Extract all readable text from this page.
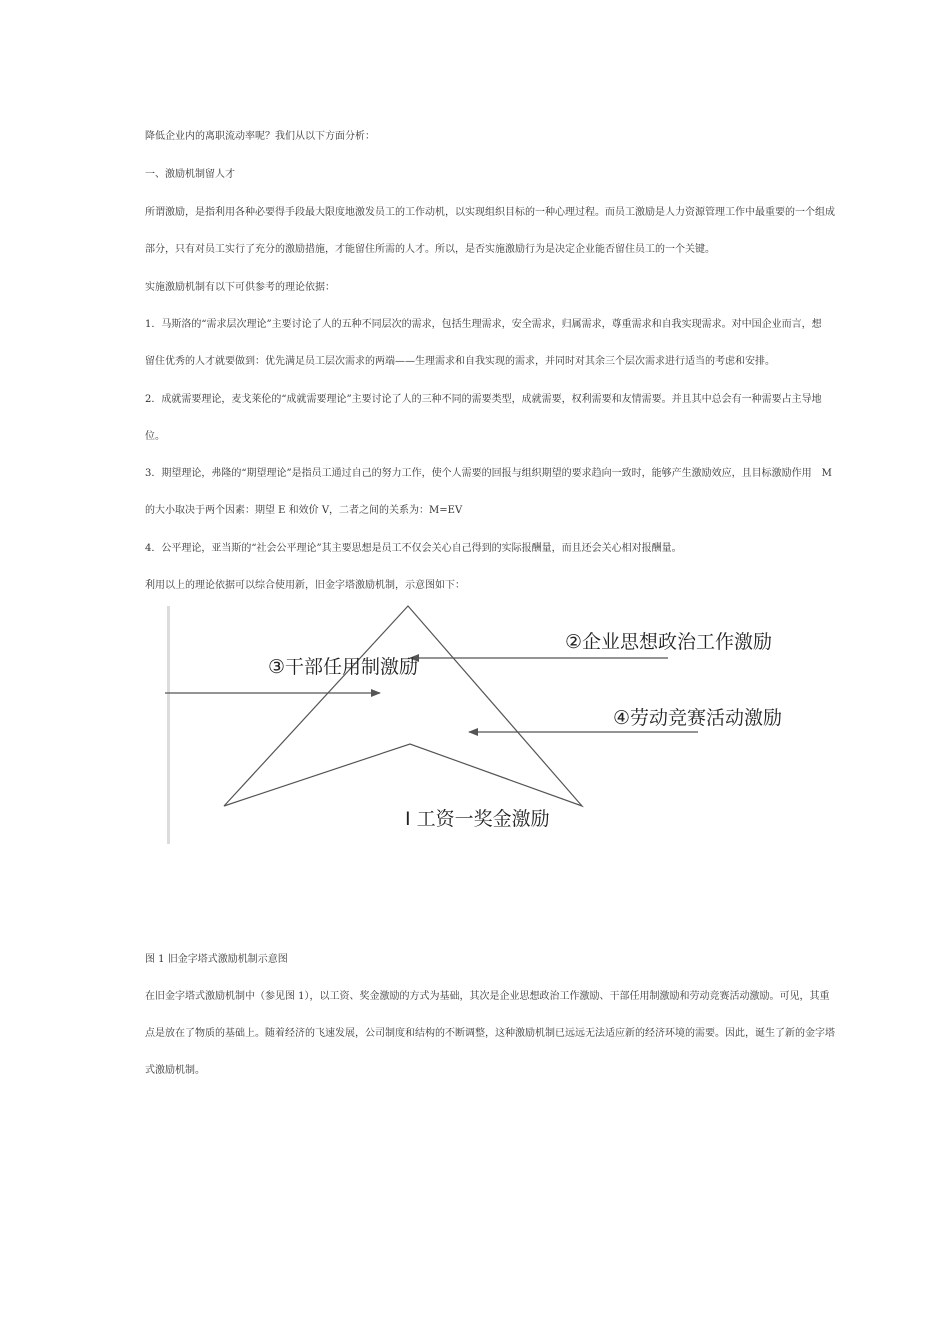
降低企业内的离职流动率呢？我们从以下方面分析：
一、激励机制留人才
所谓激励，是指利用各种必要得手段最大限度地激发员工的工作动机，以实现组织目标的一种心理过程。而员工激励是人力资源管理工作中最重要的一个组成
部分，只有对员工实行了充分的激励措施，才能留住所需的人才。所以，是否实施激励行为是决定企业能否留住员工的一个关键。
实施激励机制有以下可供参考的理论依据：
1．马斯洛的“需求层次理论”主要讨论了人的五种不同层次的需求，包括生理需求，安全需求，归属需求，尊重需求和自我实现需求。对中国企业而言，想
留住优秀的人才就要做到：优先满足员工层次需求的两端——生理需求和自我实现的需求，并同时对其余三个层次需求进行适当的考虑和安排。
2．成就需要理论，麦戈莱伦的“成就需要理论”主要讨论了人的三种不同的需要类型，成就需要，权利需要和友情需要。并且其中总会有一种需要占主导地
位。
3．期望理论，弗隆的“期望理论”是指员工通过自己的努力工作，使个人需要的回报与组织期望的要求趋向一致时，能够产生激励效应，且目标激励作用　M
的大小取决于两个因素：期望 E 和效价 V，二者之间的关系为：M=EV
4．公平理论，亚当斯的“社会公平理论”其主要思想是员工不仅会关心自己得到的实际报酬量，而且还会关心相对报酬量。
利用以上的理论依据可以综合使用新，旧金字塔激励机制，示意图如下：
②企业思想政治工作激励
③干部任用制激励
④劳动竞赛活动激励
Ⅰ 工资一奖金激励
图 1 旧金字塔式激励机制示意图
在旧金字塔式激励机制中（参见图 1），以工资、奖金激励的方式为基础，其次是企业思想政治工作激励、干部任用制激励和劳动竞赛活动激励。可见，其重
点是放在了物质的基础上。随着经济的飞速发展，公司制度和结构的不断调整，这种激励机制已远远无法适应新的经济环境的需要。因此，诞生了新的金字塔
式激励机制。
